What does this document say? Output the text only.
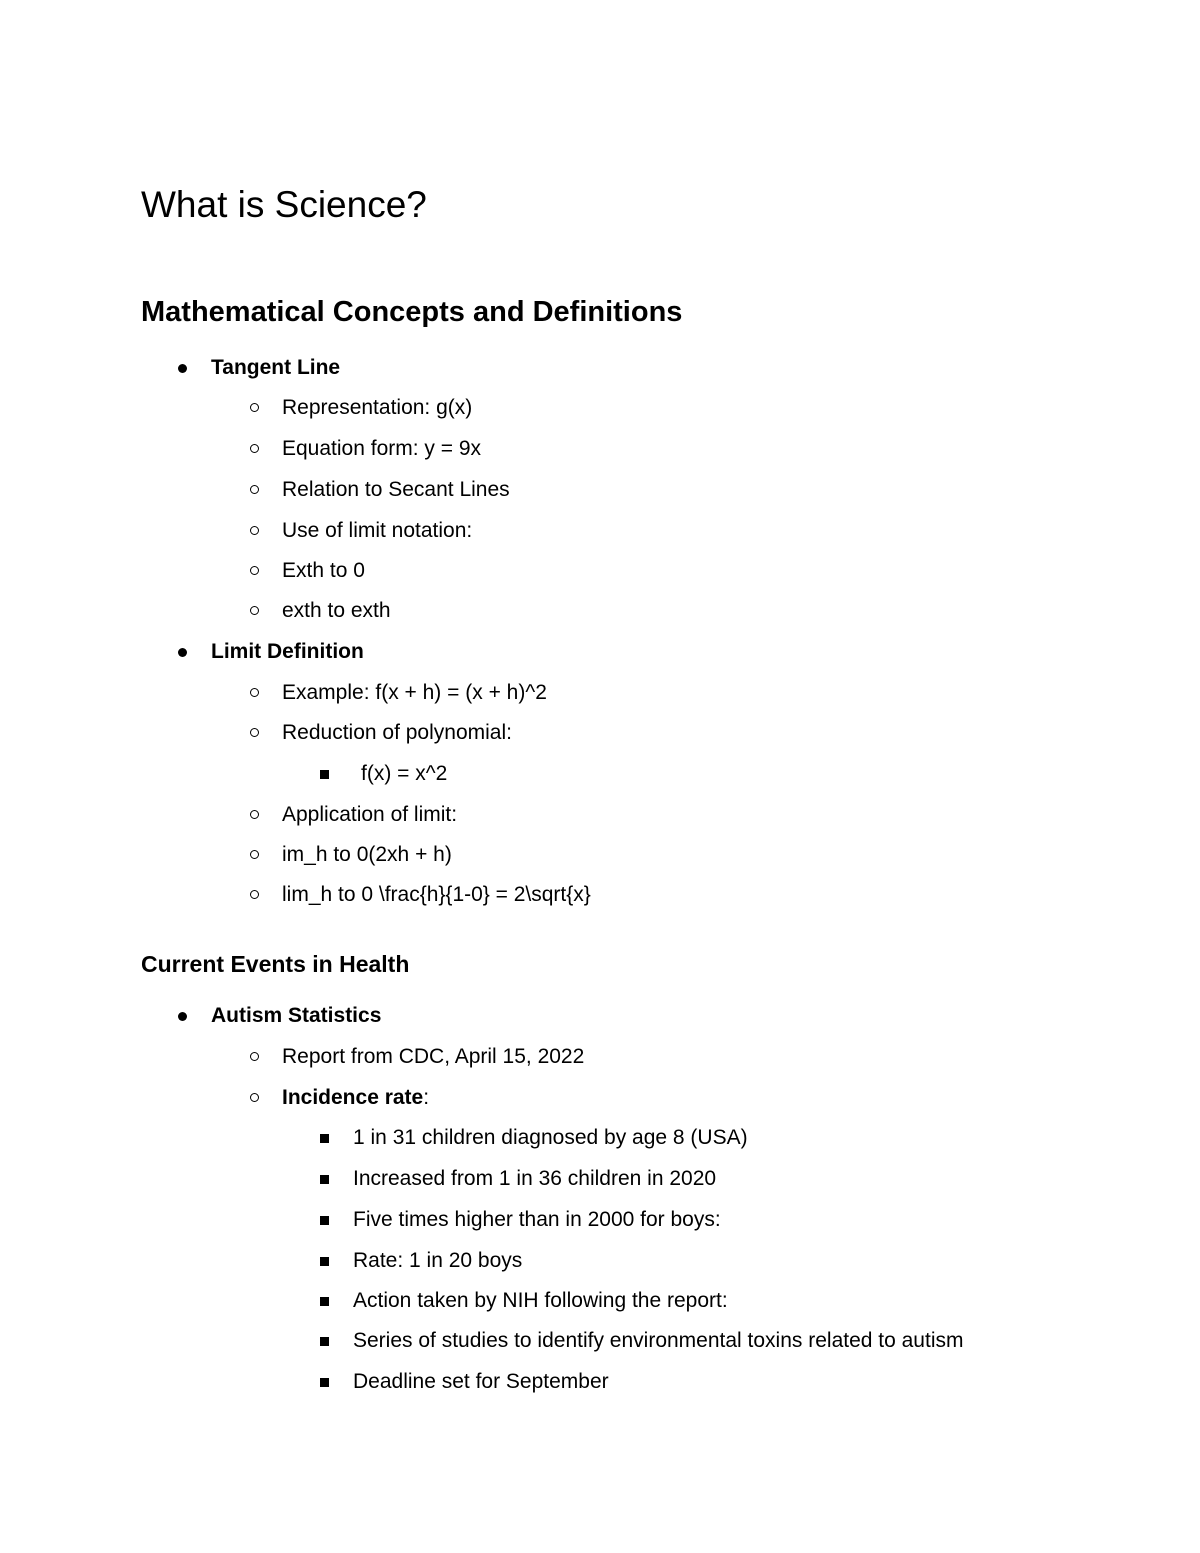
What is Science?
Mathematical Concepts and Definitions
Tangent Line
Representation: g(x)
Equation form: y = 9x
Relation to Secant Lines
Use of limit notation:
Exth to 0
exth to exth
Limit Definition
Example: f(x + h) = (x + h)^2
Reduction of polynomial:
f(x) = x^2
Application of limit:
im_h to 0(2xh + h)
lim_h to 0 \frac{h}{1-0} = 2\sqrt{x}
Current Events in Health
Autism Statistics
Report from CDC, April 15, 2022
Incidence rate:
1 in 31 children diagnosed by age 8 (USA)
Increased from 1 in 36 children in 2020
Five times higher than in 2000 for boys:
Rate: 1 in 20 boys
Action taken by NIH following the report:
Series of studies to identify environmental toxins related to autism
Deadline set for September
